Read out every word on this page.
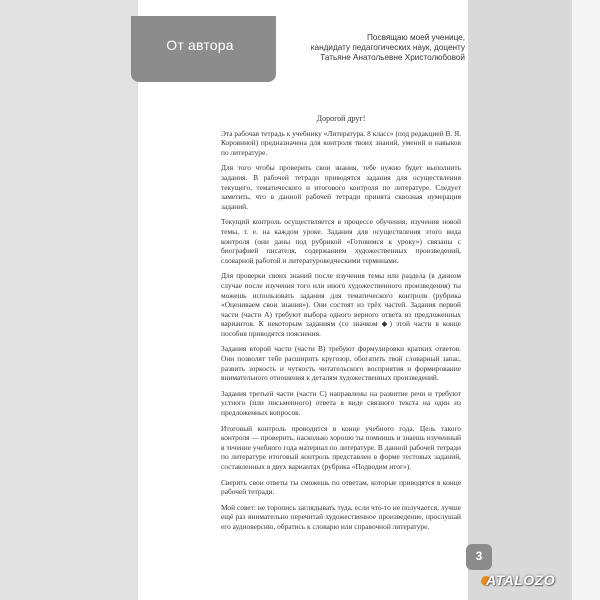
От автора	Посвящаю моей ученице,
кандидату педагогических наук, доценту
Татьяне Анатольевне Христолюбовой
Дорогой друг!

Эта рабочая тетрадь к учебнику «Литература. 8 класс» (под редакцией В. Я. Коровиной) предназначена для контроля твоих знаний, умений и навыков по литературе.

Для того чтобы проверить свои знания, тебе нужно будет выполнить задания. В рабочей тетради приводятся задания для осуществления текущего, тематического и итогового контроля по литературе. Следует заметить, что в данной рабочей тетради принята сквозная нумерация заданий.

Текущий контроль осуществляется в процессе обучения, изучения новой темы, т. е. на каждом уроке. Задания для осуществления этого вида контроля (они даны под рубрикой «Готовимся к уроку») связаны с биографией писателя, содержанием художественных произведений, словарной работой и литературоведческими терминами.

Для проверки своих знаний после изучения темы или раздела (в данном случае после изучения того или иного художественного произведения) ты можешь использовать задания для тематического контроля (рубрика «Оцениваем свои знания»). Они состоят из трёх частей. Задания первой части (части А) требуют выбора одного верного ответа из предложенных вариантов. К некоторым заданиям (со значком ◆) этой части в конце пособия приводятся пояснения.

Задания второй части (части В) требуют формулировки кратких ответов. Они позволят тебе расширить кругозор, обогатить твой словарный запас, развить зоркость и чуткость читательского восприятия и формирование внимательного отношения к деталям художественных произведений.

Задания третьей части (части С) направлены на развитие речи и требуют устного (или письменного) ответа в виде связного текста на один из предложенных вопросов.

Итоговый контроль проводится в конце учебного года. Цель такого контроля — проверить, насколько хорошо ты помнишь и знаешь изученный в течение учебного года материал по литературе. В данной рабочей тетради по литературе итоговый контроль представлен в форме тестовых заданий, составленных в двух вариантах (рубрика «Подводим итог»).

Сверить свои ответы ты сможешь по ответам, которые приводятся в конце рабочей тетради.

Мой совет: не торопись заглядывать туда, если что-то не получается, лучше ещё раз внимательно перечитай художественное произведение, прослушай его аудиоверсию, обратись к словарю или справочной литературе.

3
ATALOZO
